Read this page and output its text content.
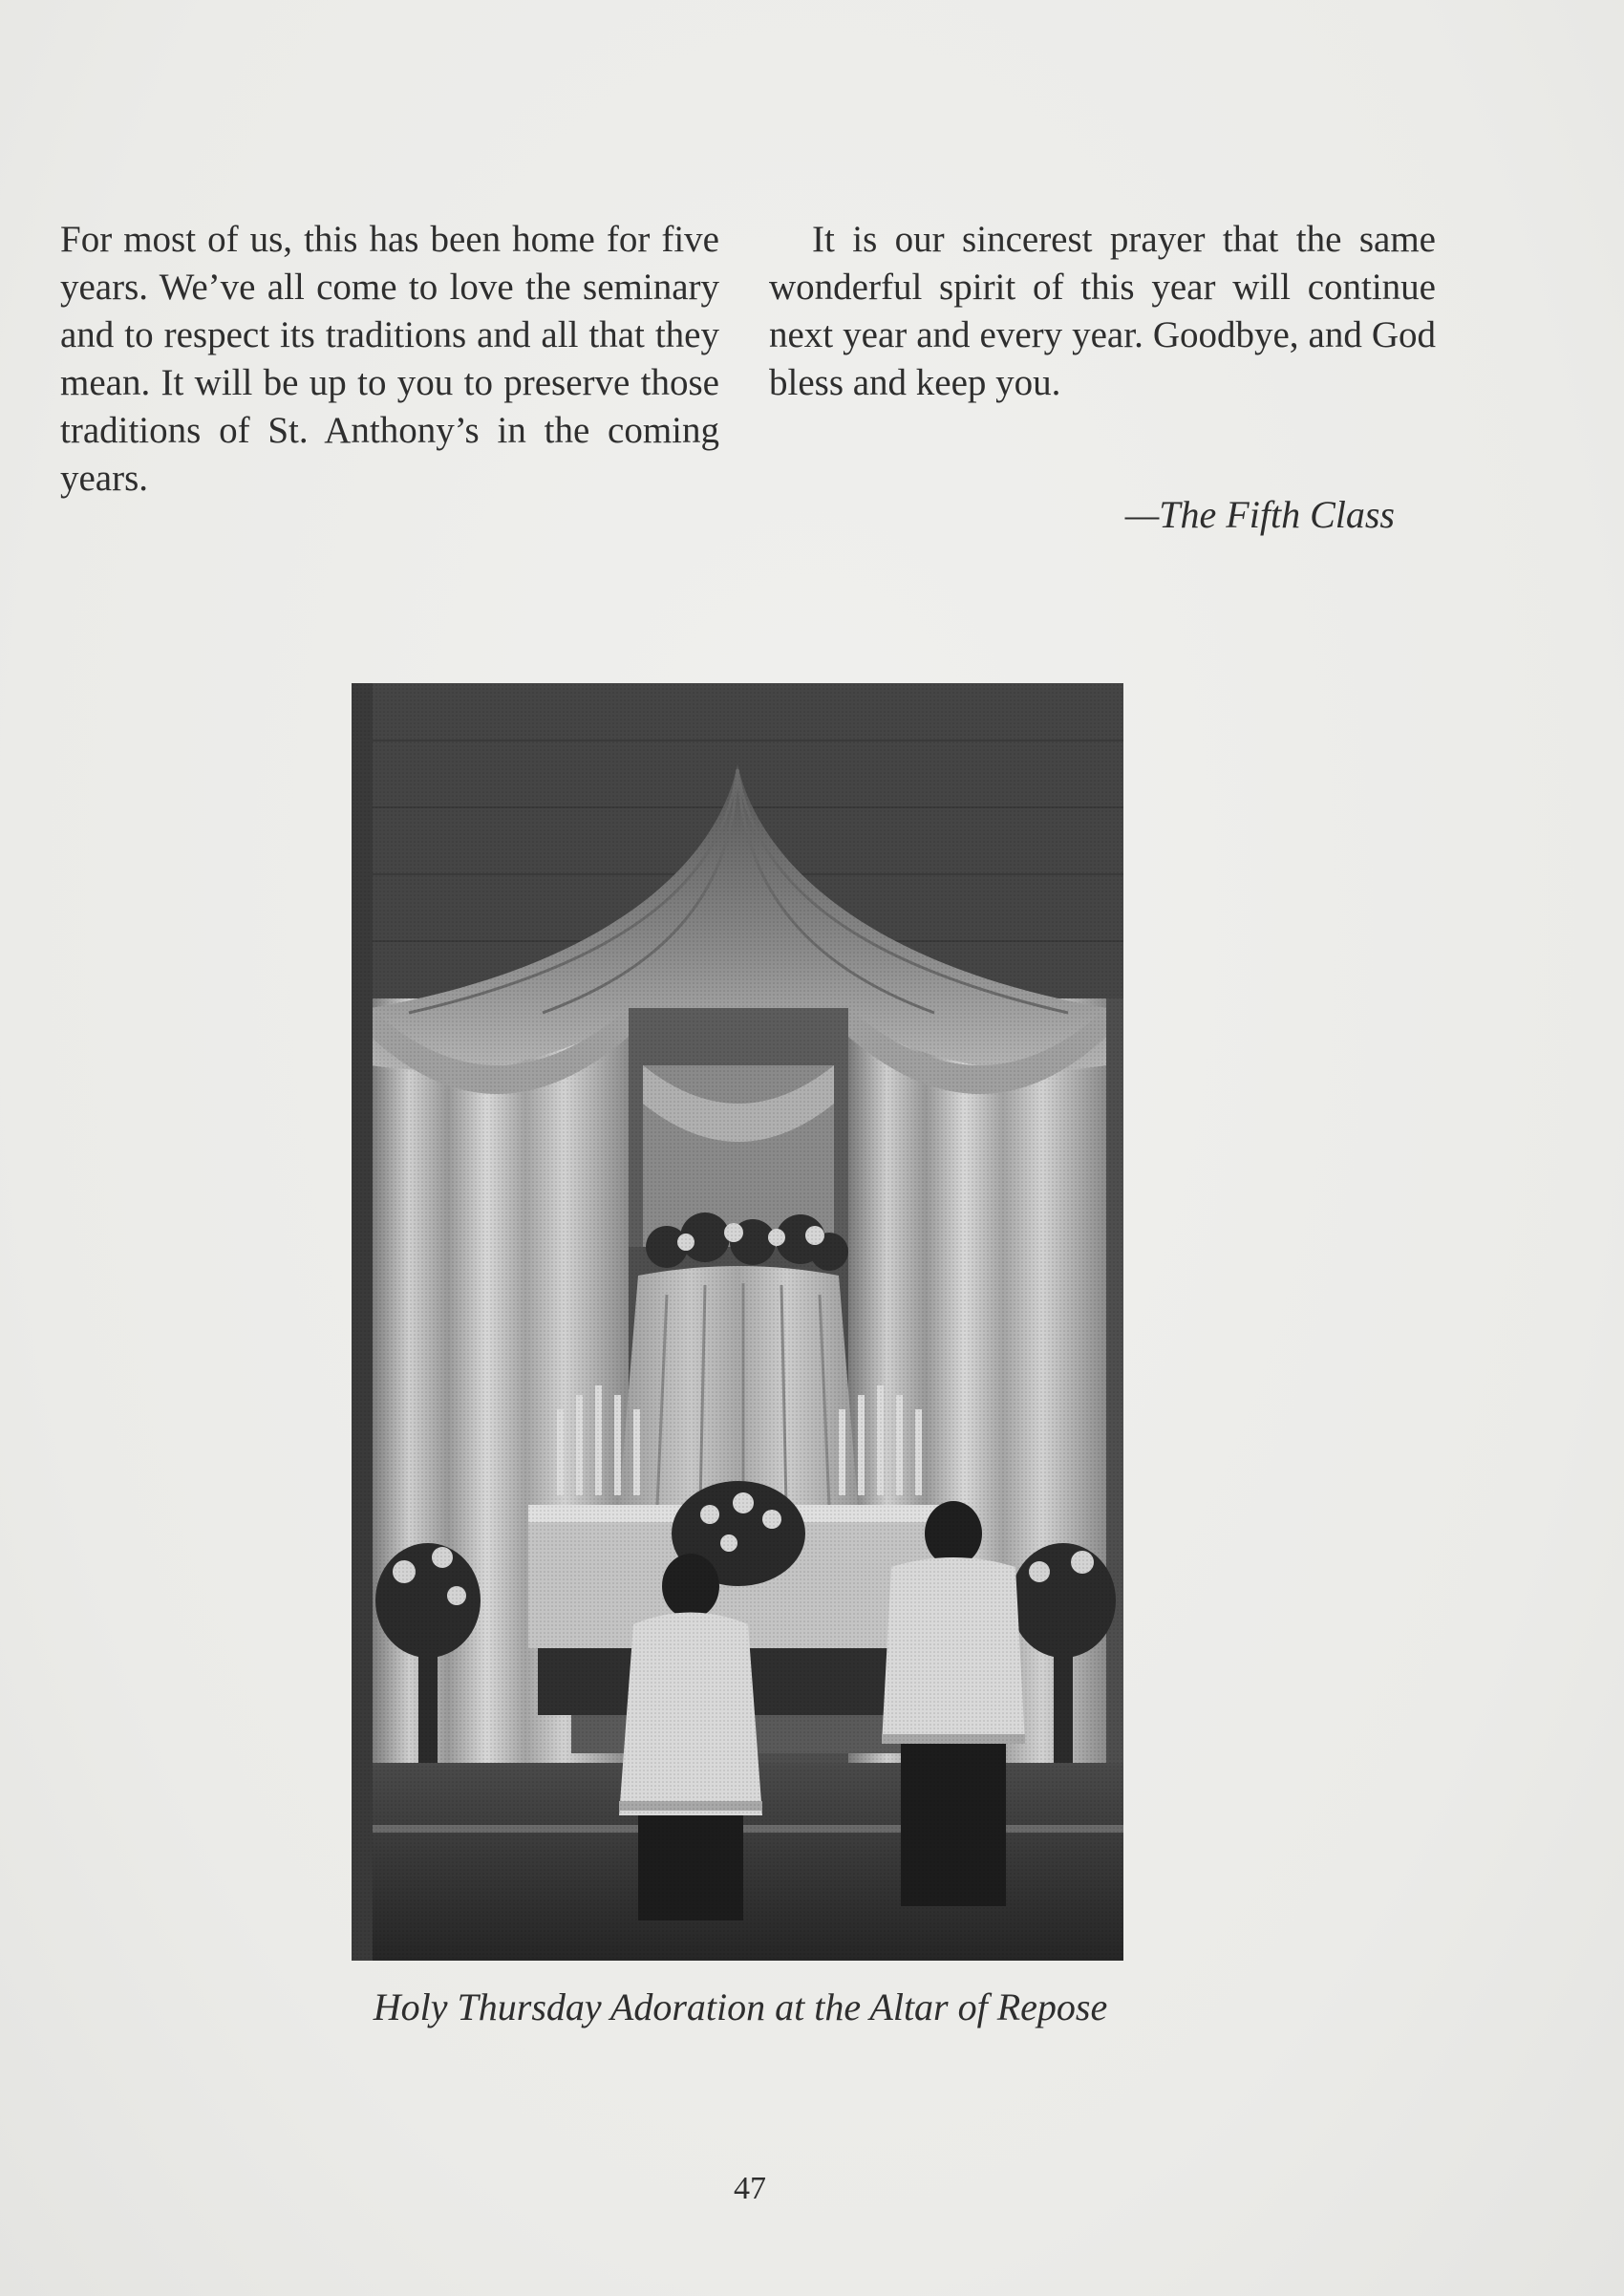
For most of us, this has been home for five years. We’ve all come to love the seminary and to respect its traditions and all that they mean. It will be up to you to preserve those traditions of St. Anthony’s in the coming years.

It is our sincerest prayer that the same wonderful spirit of this year will continue next year and every year. Goodbye, and God bless and keep you.

—The Fifth Class
Holy Thursday Adoration at the Altar of Repose
47
